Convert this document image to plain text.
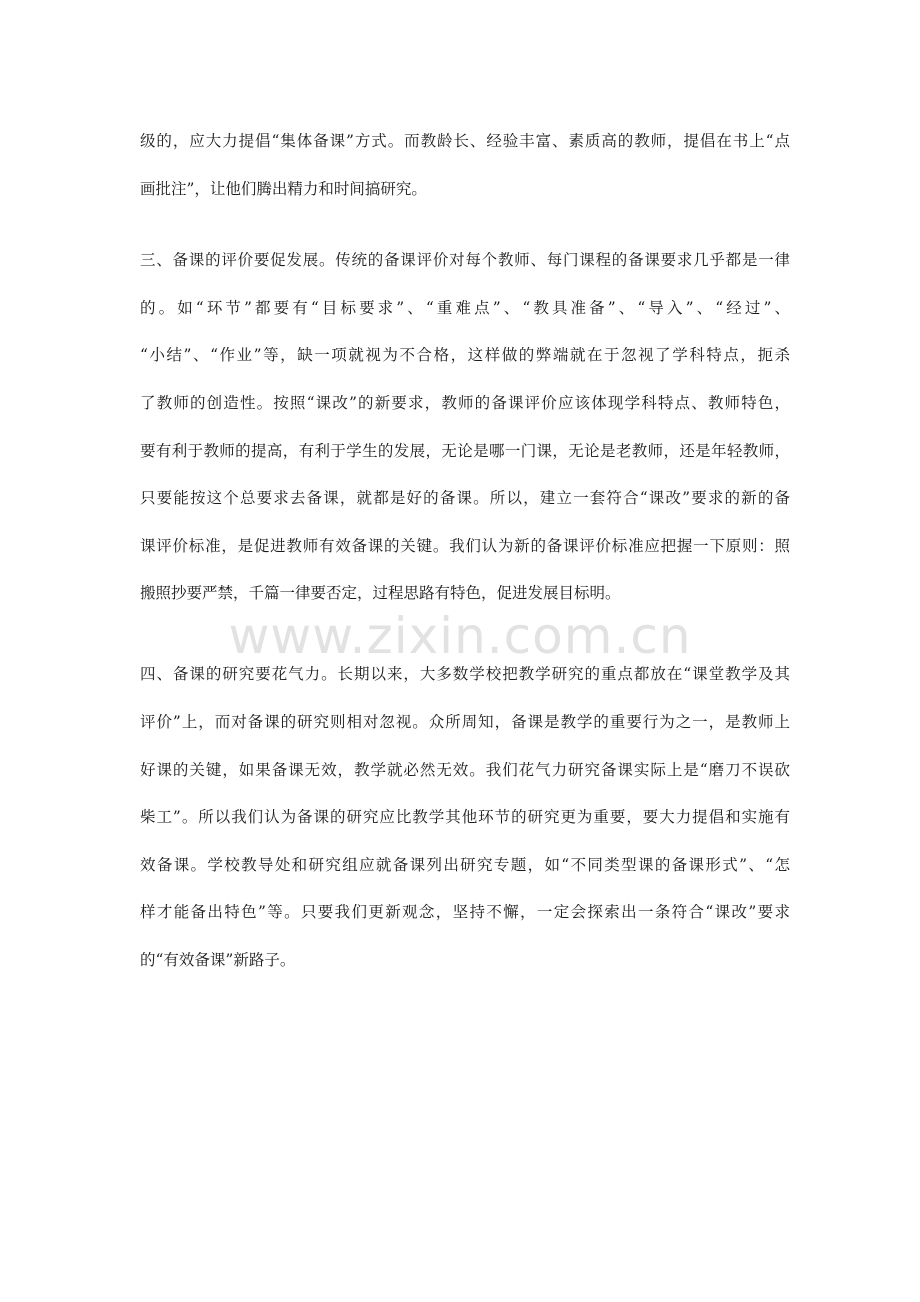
级的，应大力提倡“集体备课”方式。而教龄长、经验丰富、素质高的教师，提倡在书上“点
画批注”，让他们腾出精力和时间搞研究。
三、备课的评价要促发展。传统的备课评价对每个教师、每门课程的备课要求几乎都是一律
的。如“环节”都要有“目标要求”、“重难点”、“教具准备”、“导入”、“经过”、
“小结”、“作业”等，缺一项就视为不合格，这样做的弊端就在于忽视了学科特点，扼杀
了教师的创造性。按照“课改”的新要求，教师的备课评价应该体现学科特点、教师特色，
要有利于教师的提高，有利于学生的发展，无论是哪一门课，无论是老教师，还是年轻教师，
只要能按这个总要求去备课，就都是好的备课。所以，建立一套符合“课改”要求的新的备
课评价标准，是促进教师有效备课的关键。我们认为新的备课评价标准应把握一下原则：照
搬照抄要严禁，千篇一律要否定，过程思路有特色，促进发展目标明。
www.zixin.com.cn
四、备课的研究要花气力。长期以来，大多数学校把教学研究的重点都放在“课堂教学及其
评价”上，而对备课的研究则相对忽视。众所周知，备课是教学的重要行为之一，是教师上
好课的关键，如果备课无效，教学就必然无效。我们花气力研究备课实际上是“磨刀不误砍
柴工”。所以我们认为备课的研究应比教学其他环节的研究更为重要，要大力提倡和实施有
效备课。学校教导处和研究组应就备课列出研究专题，如“不同类型课的备课形式”、“怎
样才能备出特色”等。只要我们更新观念，坚持不懈，一定会探索出一条符合“课改”要求
的“有效备课”新路子。
